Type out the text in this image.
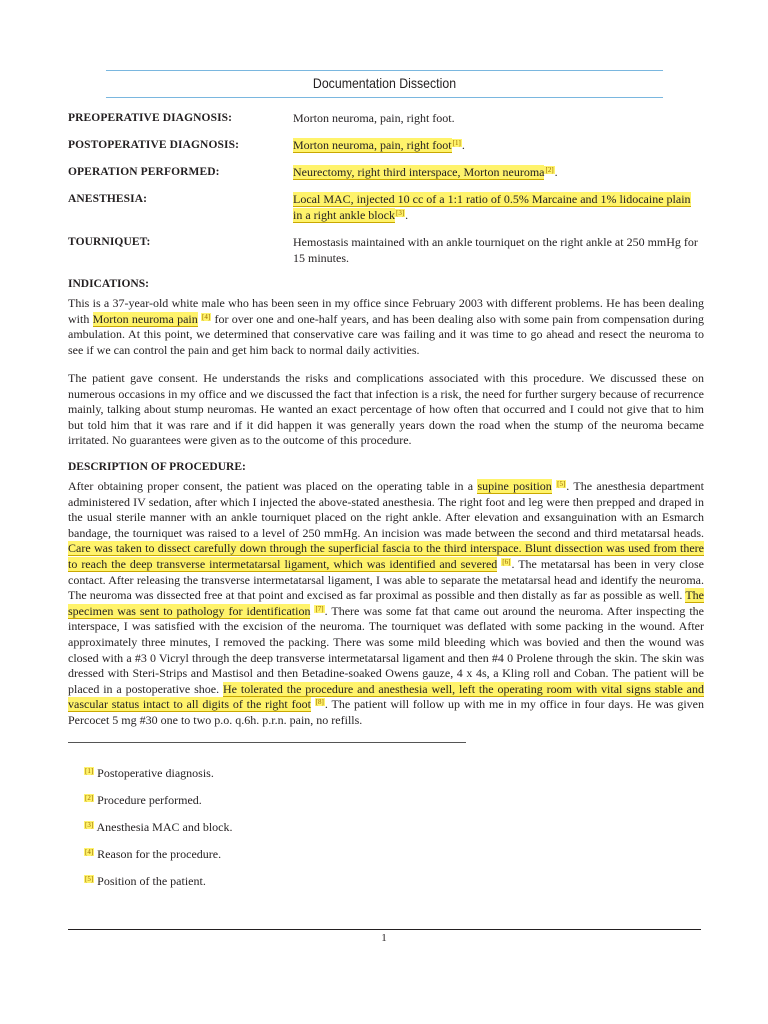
Documentation Dissection
PREOPERATIVE DIAGNOSIS:	Morton neuroma, pain, right foot.
POSTOPERATIVE DIAGNOSIS:	Morton neuroma, pain, right foot[1].
OPERATION PERFORMED:	Neurectomy, right third interspace, Morton neuroma[2].
ANESTHESIA:	Local MAC, injected 10 cc of a 1:1 ratio of 0.5% Marcaine and 1% lidocaine plain in a right ankle block[3].
TOURNIQUET:	Hemostasis maintained with an ankle tourniquet on the right ankle at 250 mmHg for 15 minutes.
INDICATIONS:
This is a 37-year-old white male who has been seen in my office since February 2003 with different problems. He has been dealing with Morton neuroma pain [4] for over one and one-half years, and has been dealing also with some pain from compensation during ambulation. At this point, we determined that conservative care was failing and it was time to go ahead and resect the neuroma to see if we can control the pain and get him back to normal daily activities.
The patient gave consent. He understands the risks and complications associated with this procedure. We discussed these on numerous occasions in my office and we discussed the fact that infection is a risk, the need for further surgery because of recurrence mainly, talking about stump neuromas. He wanted an exact percentage of how often that occurred and I could not give that to him but told him that it was rare and if it did happen it was generally years down the road when the stump of the neuroma became irritated. No guarantees were given as to the outcome of this procedure.
DESCRIPTION OF PROCEDURE:
After obtaining proper consent, the patient was placed on the operating table in a supine position [5]. The anesthesia department administered IV sedation, after which I injected the above-stated anesthesia. The right foot and leg were then prepped and draped in the usual sterile manner with an ankle tourniquet placed on the right ankle. After elevation and exsanguination with an Esmarch bandage, the tourniquet was raised to a level of 250 mmHg. An incision was made between the second and third metatarsal heads. Care was taken to dissect carefully down through the superficial fascia to the third interspace. Blunt dissection was used from there to reach the deep transverse intermetatarsal ligament, which was identified and severed [6]. The metatarsal has been in very close contact. After releasing the transverse intermetatarsal ligament, I was able to separate the metatarsal head and identify the neuroma. The neuroma was dissected free at that point and excised as far proximal as possible and then distally as far as possible as well. The specimen was sent to pathology for identification [7]. There was some fat that came out around the neuroma. After inspecting the interspace, I was satisfied with the excision of the neuroma. The tourniquet was deflated with some packing in the wound. After approximately three minutes, I removed the packing. There was some mild bleeding which was bovied and then the wound was closed with a #3 0 Vicryl through the deep transverse intermetatarsal ligament and then #4 0 Prolene through the skin. The skin was dressed with Steri-Strips and Mastisol and then Betadine-soaked Owens gauze, 4 x 4s, a Kling roll and Coban. The patient will be placed in a postoperative shoe. He tolerated the procedure and anesthesia well, left the operating room with vital signs stable and vascular status intact to all digits of the right foot [8]. The patient will follow up with me in my office in four days. He was given Percocet 5 mg #30 one to two p.o. q.6h. p.r.n. pain, no refills.
[1] Postoperative diagnosis.
[2] Procedure performed.
[3] Anesthesia MAC and block.
[4] Reason for the procedure.
[5] Position of the patient.
1
